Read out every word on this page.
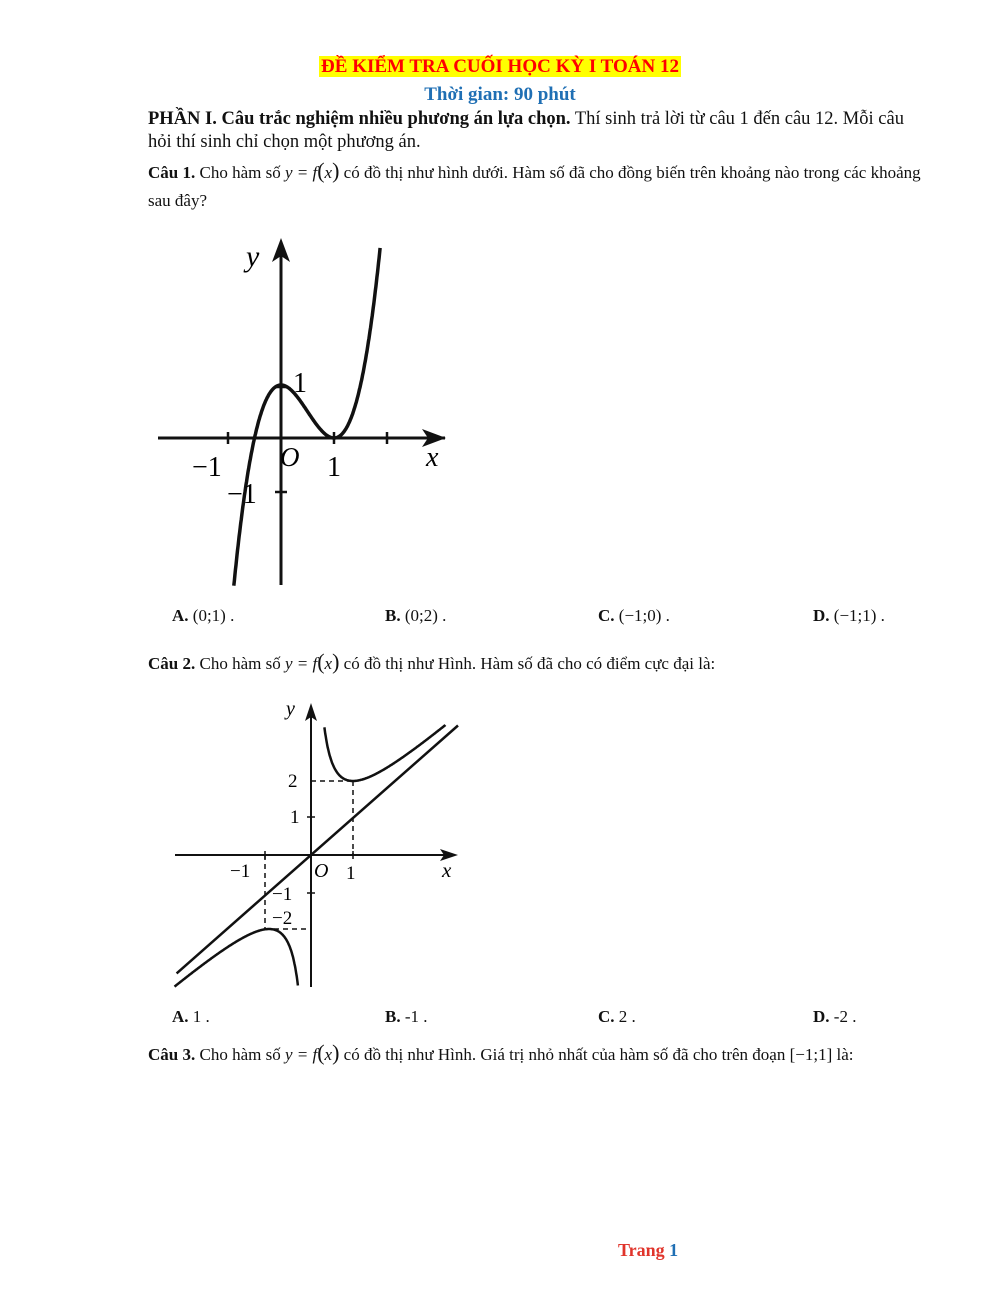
ĐỀ KIỂM TRA CUỐI HỌC KỲ I TOÁN 12
Thời gian: 90 phút
PHẦN I. Câu trắc nghiệm nhiều phương án lựa chọn. Thí sinh trả lời từ câu 1 đến câu 12. Mỗi câu hỏi thí sinh chỉ chọn một phương án.
Câu 1. Cho hàm số y = f(x) có đồ thị như hình dưới. Hàm số đã cho đồng biến trên khoảng nào trong các khoảng sau đây?
y
x
O
1
−1	1
−1
A. (0;1) .	B. (0;2) .	C. (−1;0) .	D. (−1;1) .
Câu 2. Cho hàm số y = f(x) có đồ thị như Hình. Hàm số đã cho có điểm cực đại là:
y
x
O
2
1
−1	1
−1
−2
A. 1 .	B. -1 .	C. 2 .	D. -2 .
Câu 3. Cho hàm số y = f(x) có đồ thị như Hình. Giá trị nhỏ nhất của hàm số đã cho trên đoạn [−1;1] là:
Trang 1
